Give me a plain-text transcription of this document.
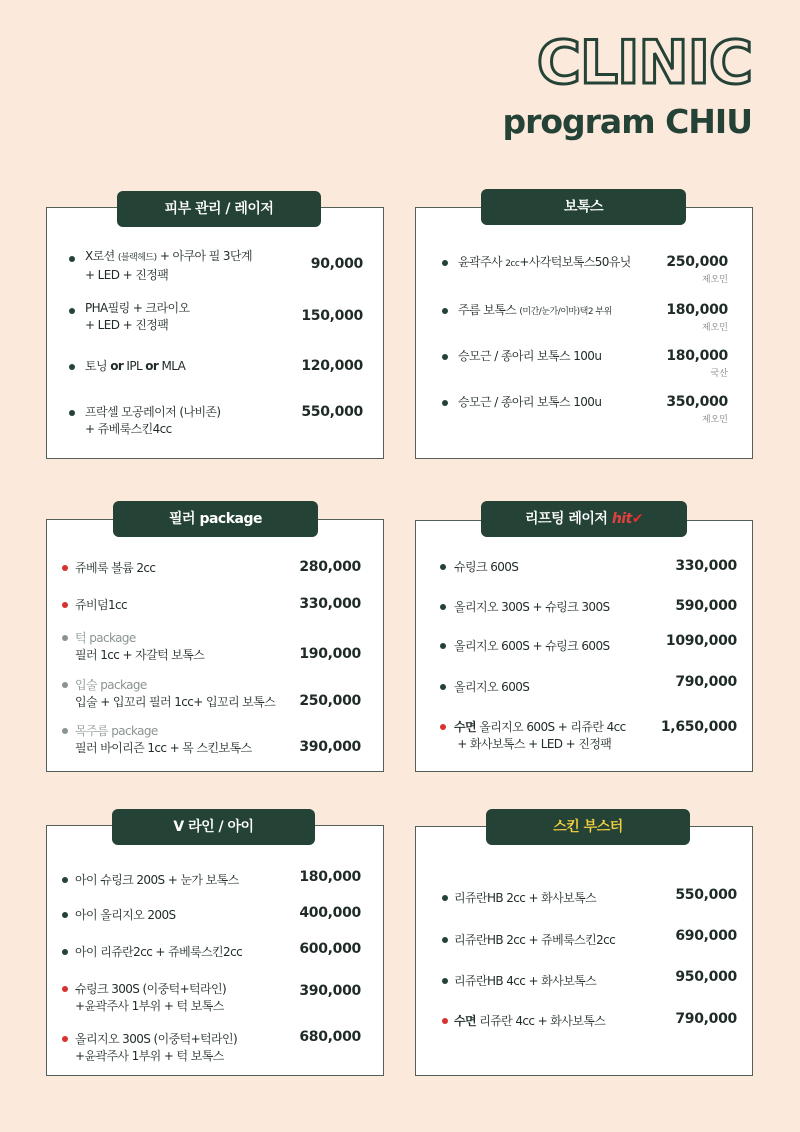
CLINIC
program CHIU
X로션 (블랙헤드) + 아쿠아 필 3단계
+ LED + 진정팩
90,000
PHA필링 + 크라이오
+ LED + 진정팩
150,000
토닝 or IPL or MLA	120,000
프락셀 모공레이저 (나비존)
+ 쥬베룩스킨4cc
550,000
피부 관리 / 레이저
윤곽주사 2cc+사각턱보톡스50유닛	250,000
제오민
주름 보톡스 (미간/눈가/이마)택2 부위	180,000
제오민
승모근 / 종아리 보톡스 100u	180,000
국산
승모근 / 종아리 보톡스 100u	350,000
제오민
보톡스
쥬베룩 볼륨 2cc	280,000
쥬비덤1cc	330,000
턱 package
필러 1cc + 자갈턱 보톡스	190,000
입술 package
입술 + 입꼬리 필러 1cc+ 입꼬리 보톡스 250,000
목주름 package
필러 바이리즌 1cc + 목 스킨보톡스	390,000
필러 package
슈링크 600S	330,000
올리지오 300S + 슈링크 300S	590,000
올리지오 600S + 슈링크 600S	1090,000
올리지오 600S	790,000
수면 올리지오 600S + 리쥬란 4cc
+ 화사보톡스 + LED + 진정팩
1,650,000
리프팅 레이저 hit✔
아이 슈링크 200S + 눈가 보톡스	180,000
아이 올리지오 200S	400,000
아이 리쥬란2cc + 쥬베룩스킨2cc	600,000
슈링크 300S (이중턱+턱라인)
+윤곽주사 1부위 + 턱 보톡스
390,000
올리지오 300S (이중턱+턱라인)
+윤곽주사 1부위 + 턱 보톡스
680,000
V 라인 / 아이
리쥬란HB 2cc + 화사보톡스	550,000
리쥬란HB 2cc + 쥬베룩스킨2cc	690,000
리쥬란HB 4cc + 화사보톡스	950,000
수면 리쥬란 4cc + 화사보톡스	790,000
스킨 부스터
